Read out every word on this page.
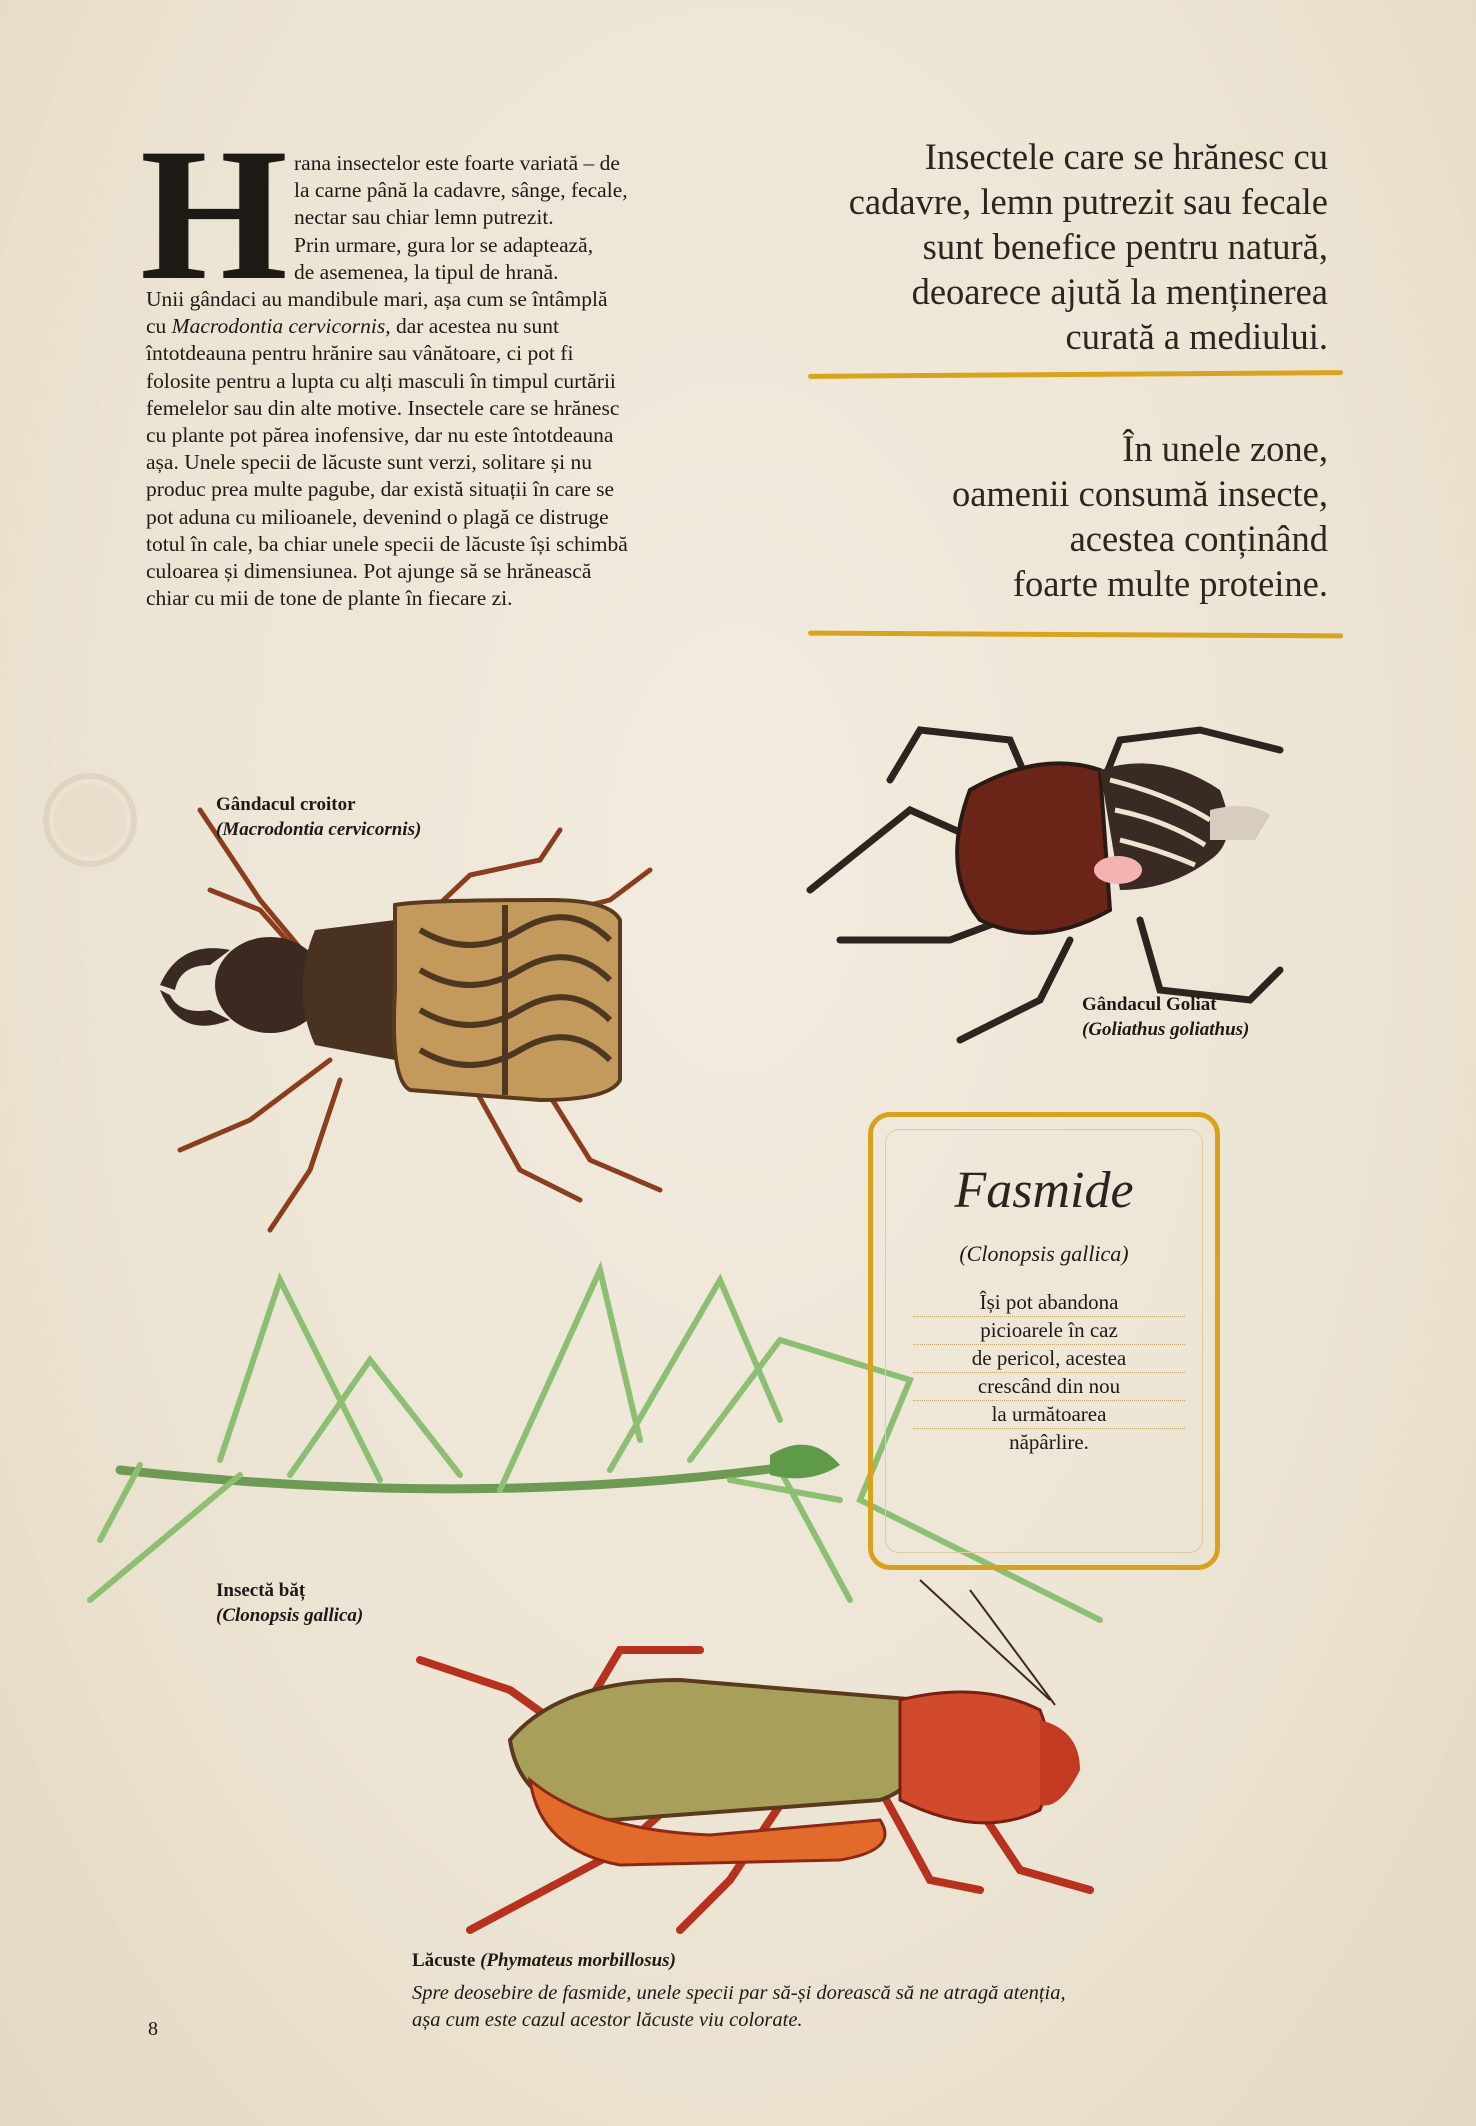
H rana insectelor este foarte variată – de
la carne până la cadavre, sânge, fecale,
nectar sau chiar lemn putrezit.
Prin urmare, gura lor se adaptează,
de asemenea, la tipul de hrană.
Unii gândaci au mandibule mari, așa cum se întâmplă
cu Macrodontia cervicornis, dar acestea nu sunt
întotdeauna pentru hrănire sau vânătoare, ci pot fi
folosite pentru a lupta cu alți masculi în timpul curtării
femelelor sau din alte motive. Insectele care se hrănesc
cu plante pot părea inofensive, dar nu este întotdeauna
așa. Unele specii de lăcuste sunt verzi, solitare și nu
produc prea multe pagube, dar există situații în care se
pot aduna cu milioanele, devenind o plagă ce distruge
totul în cale, ba chiar unele specii de lăcuste își schimbă
culoarea și dimensiunea. Pot ajunge să se hrănească
chiar cu mii de tone de plante în fiecare zi.
Insectele care se hrănesc cu
cadavre, lemn putrezit sau fecale
sunt benefice pentru natură,
deoarece ajută la menținerea
curată a mediului.
În unele zone,
oamenii consumă insecte,
acestea conținând
foarte multe proteine.
Gândacul croitor
(Macrodontia cervicornis)
Gândacul Goliat
(Goliathus goliathus)
Insectă băț
(Clonopsis gallica)
Fasmide
(Clonopsis gallica)
Își pot abandona
picioarele în caz
de pericol, acestea
crescând din nou
la următoarea
năpârlire.
Lăcuste (Phymateus morbillosus)
Spre deosebire de fasmide, unele specii par să-și dorească să ne atragă atenția,
așa cum este cazul acestor lăcuste viu colorate.
8
